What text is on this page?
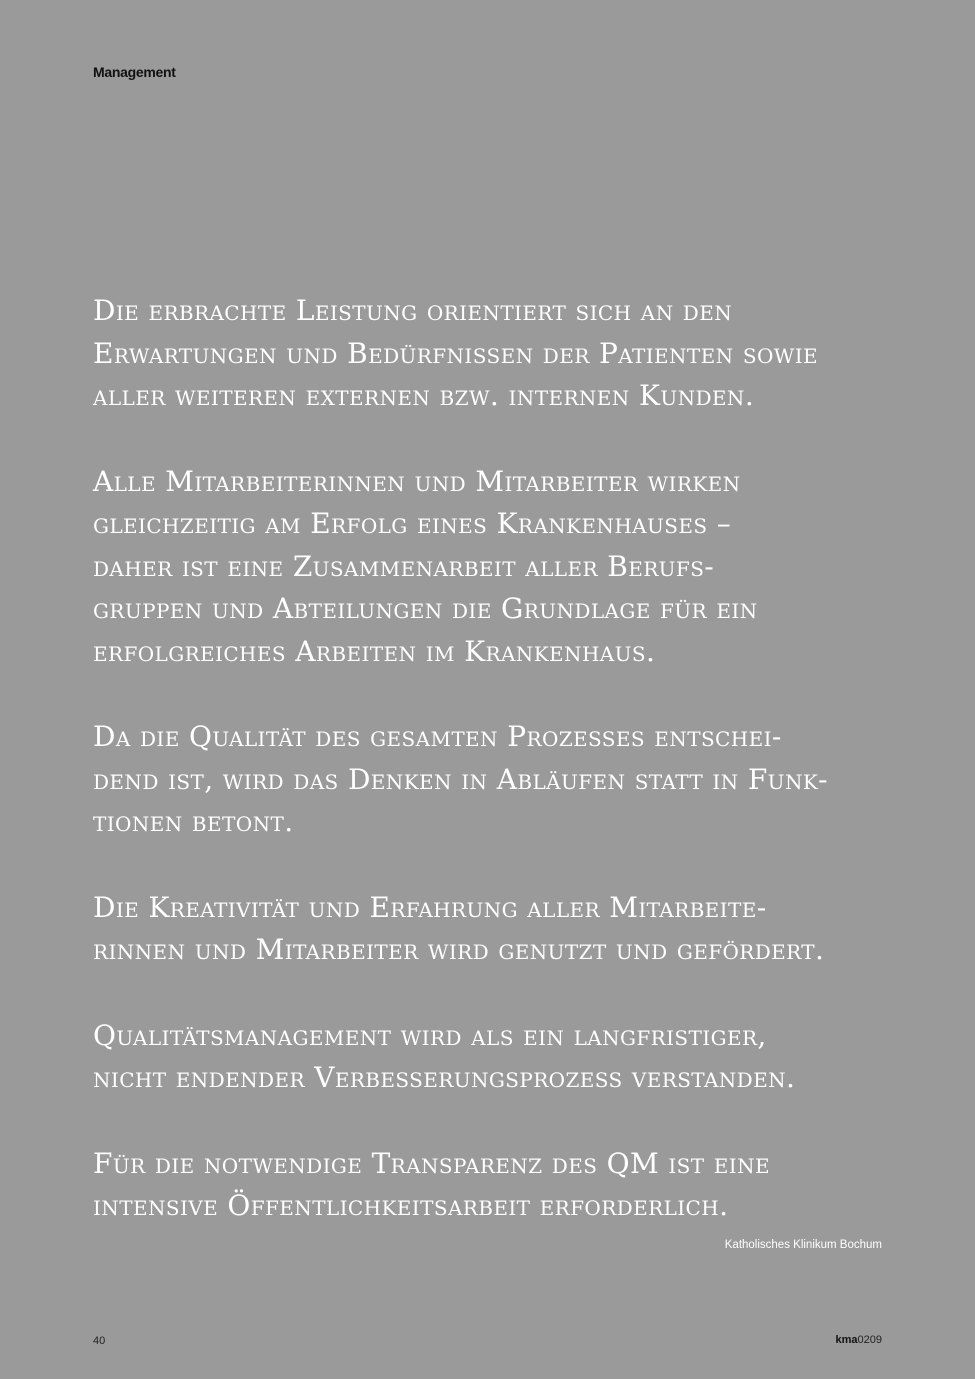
Management

Die erbrachte Leistung orientiert sich an den
Erwartungen und Bedürfnissen der Patienten sowie
aller weiteren externen bzw. internen Kunden.

Alle Mitarbeiterinnen und Mitarbeiter wirken
gleichzeitig am Erfolg eines Krankenhauses –
daher ist eine Zusammenarbeit aller Berufs-
gruppen und Abteilungen die Grundlage für ein
erfolgreiches Arbeiten im Krankenhaus.

Da die Qualität des gesamten Prozesses entschei-
dend ist, wird das Denken in Abläufen statt in Funk-
tionen betont.

Die Kreativität und Erfahrung aller Mitarbeite-
rinnen und Mitarbeiter wird genutzt und gefördert.

Qualitätsmanagement wird als ein langfristiger,
nicht endender Verbesserungsprozess verstanden.

Für die notwendige Transparenz des QM ist eine
intensive Öffentlichkeitsarbeit erforderlich.

Katholisches Klinikum Bochum
40	kma0209
